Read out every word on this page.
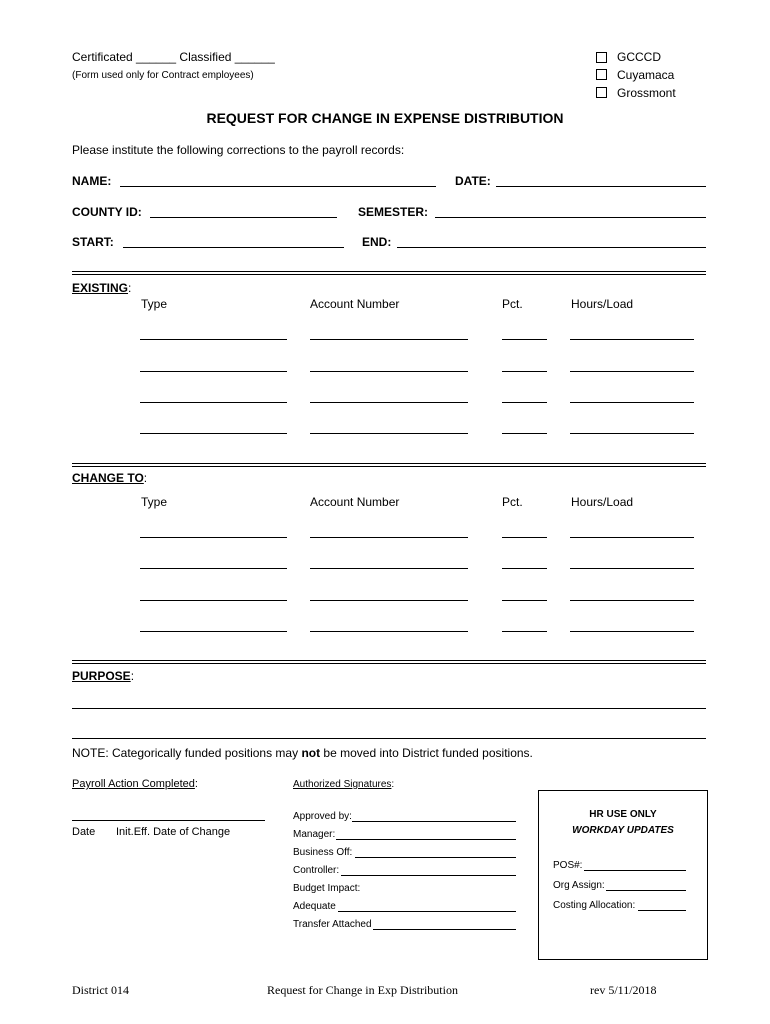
Certificated ______ Classified ______
(Form used only for Contract employees)
GCCCD
Cuyamaca
Grossmont
REQUEST FOR CHANGE IN EXPENSE DISTRIBUTION
Please institute the following corrections to the payroll records:
NAME:	DATE:
COUNTY ID:	SEMESTER:
START:	END:
EXISTING:
Type	Account Number	Pct.	Hours/Load
CHANGE TO:
Type	Account Number	Pct.	Hours/Load
PURPOSE:
NOTE: Categorically funded positions may not be moved into District funded positions.
Payroll Action Completed:
Date Init.Eff. Date of Change
Authorized Signatures:
Approved by:
Manager:
Business Off:
Controller:
Budget Impact:
Adequate
Transfer Attached
HR USE ONLY
WORKDAY UPDATES
POS#:
Org Assign:
Costing Allocation:
District 014	Request for Change in Exp Distribution	rev 5/11/2018
